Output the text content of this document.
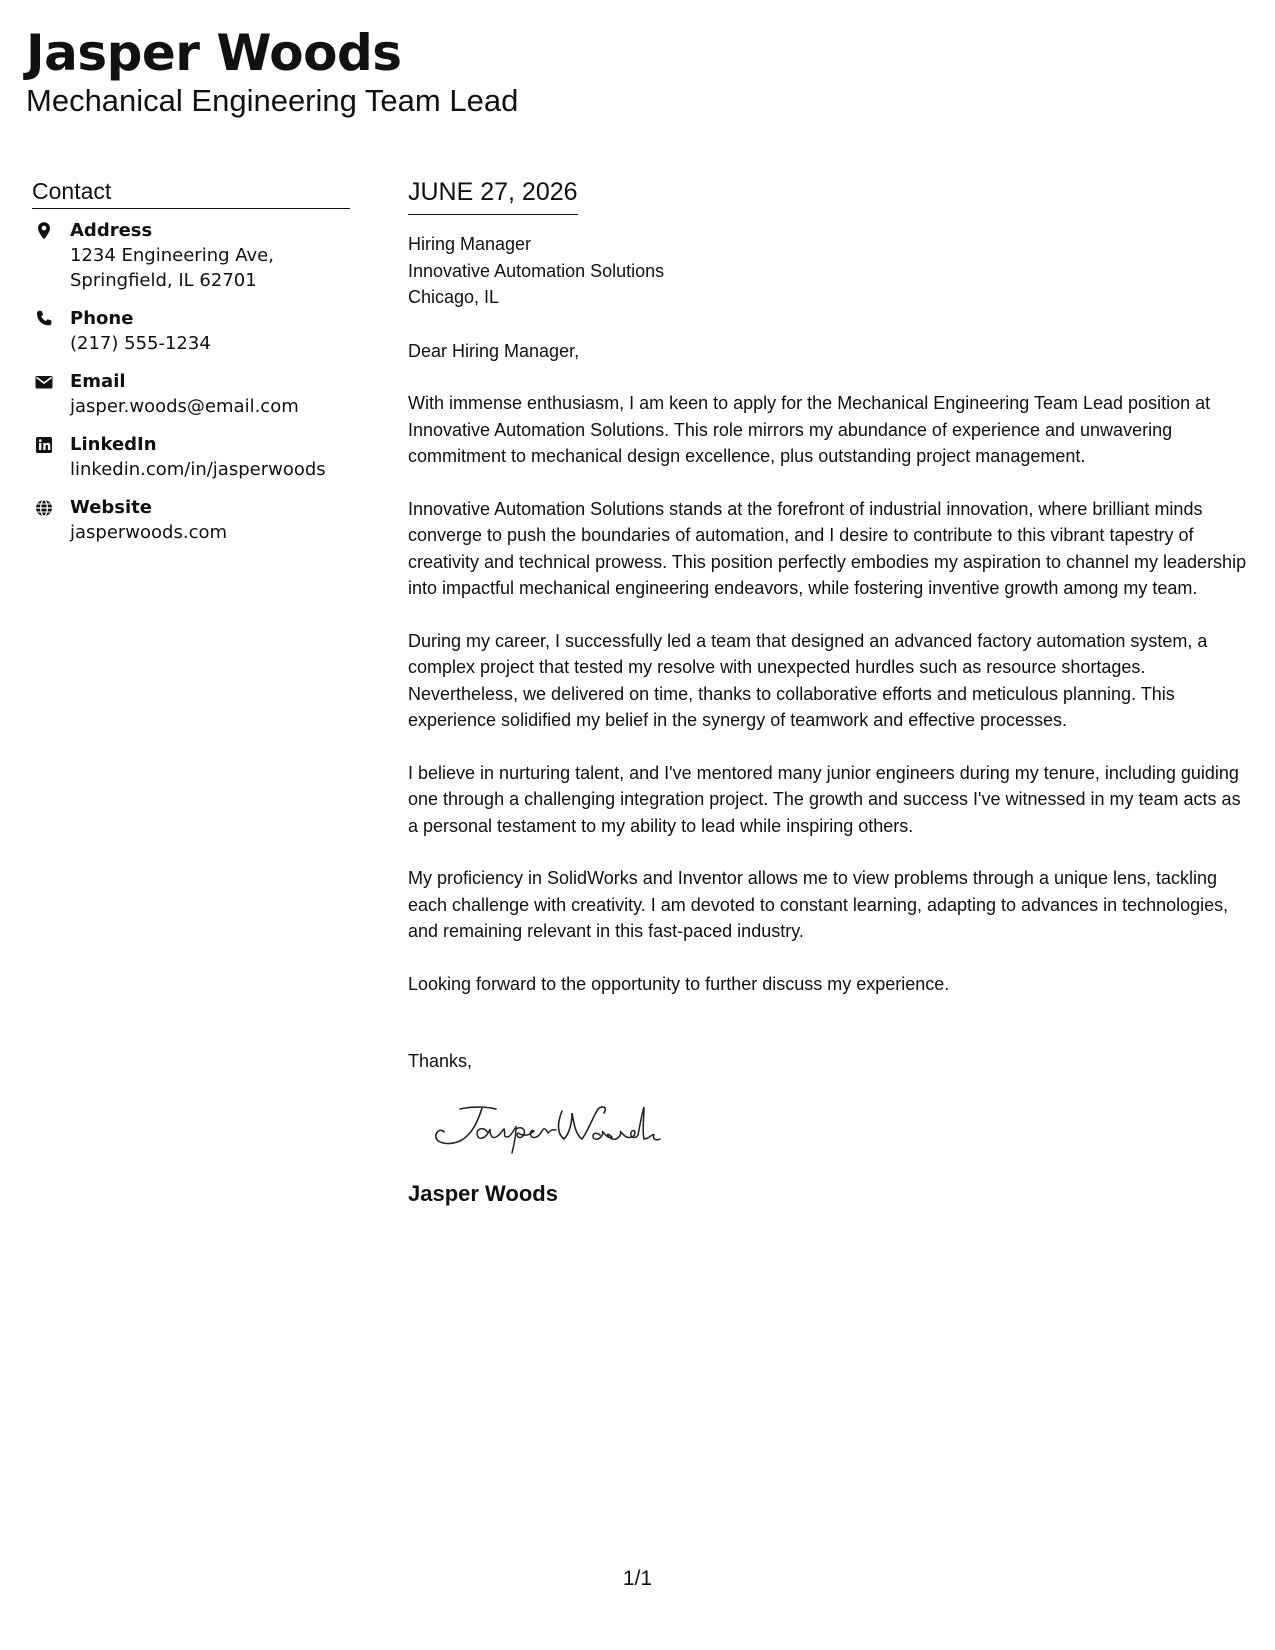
Jasper Woods
Mechanical Engineering Team Lead
Contact
Address
1234 Engineering Ave,
Springfield, IL 62701
Phone
(217) 555-1234
Email
jasper.woods@email.com
LinkedIn
linkedin.com/in/jasperwoods
Website
jasperwoods.com
JUNE 27, 2026
Hiring Manager
Innovative Automation Solutions
Chicago, IL
Dear Hiring Manager,
With immense enthusiasm, I am keen to apply for the Mechanical Engineering Team Lead position at Innovative Automation Solutions. This role mirrors my abundance of experience and unwavering commitment to mechanical design excellence, plus outstanding project management.
Innovative Automation Solutions stands at the forefront of industrial innovation, where brilliant minds converge to push the boundaries of automation, and I desire to contribute to this vibrant tapestry of creativity and technical prowess. This position perfectly embodies my aspiration to channel my leadership into impactful mechanical engineering endeavors, while fostering inventive growth among my team.
During my career, I successfully led a team that designed an advanced factory automation system, a complex project that tested my resolve with unexpected hurdles such as resource shortages. Nevertheless, we delivered on time, thanks to collaborative efforts and meticulous planning. This experience solidified my belief in the synergy of teamwork and effective processes.
I believe in nurturing talent, and I've mentored many junior engineers during my tenure, including guiding one through a challenging integration project. The growth and success I've witnessed in my team acts as a personal testament to my ability to lead while inspiring others.
My proficiency in SolidWorks and Inventor allows me to view problems through a unique lens, tackling each challenge with creativity. I am devoted to constant learning, adapting to advances in technologies, and remaining relevant in this fast-paced industry.
Looking forward to the opportunity to further discuss my experience.
Thanks,
Jasper Woods
1/1
